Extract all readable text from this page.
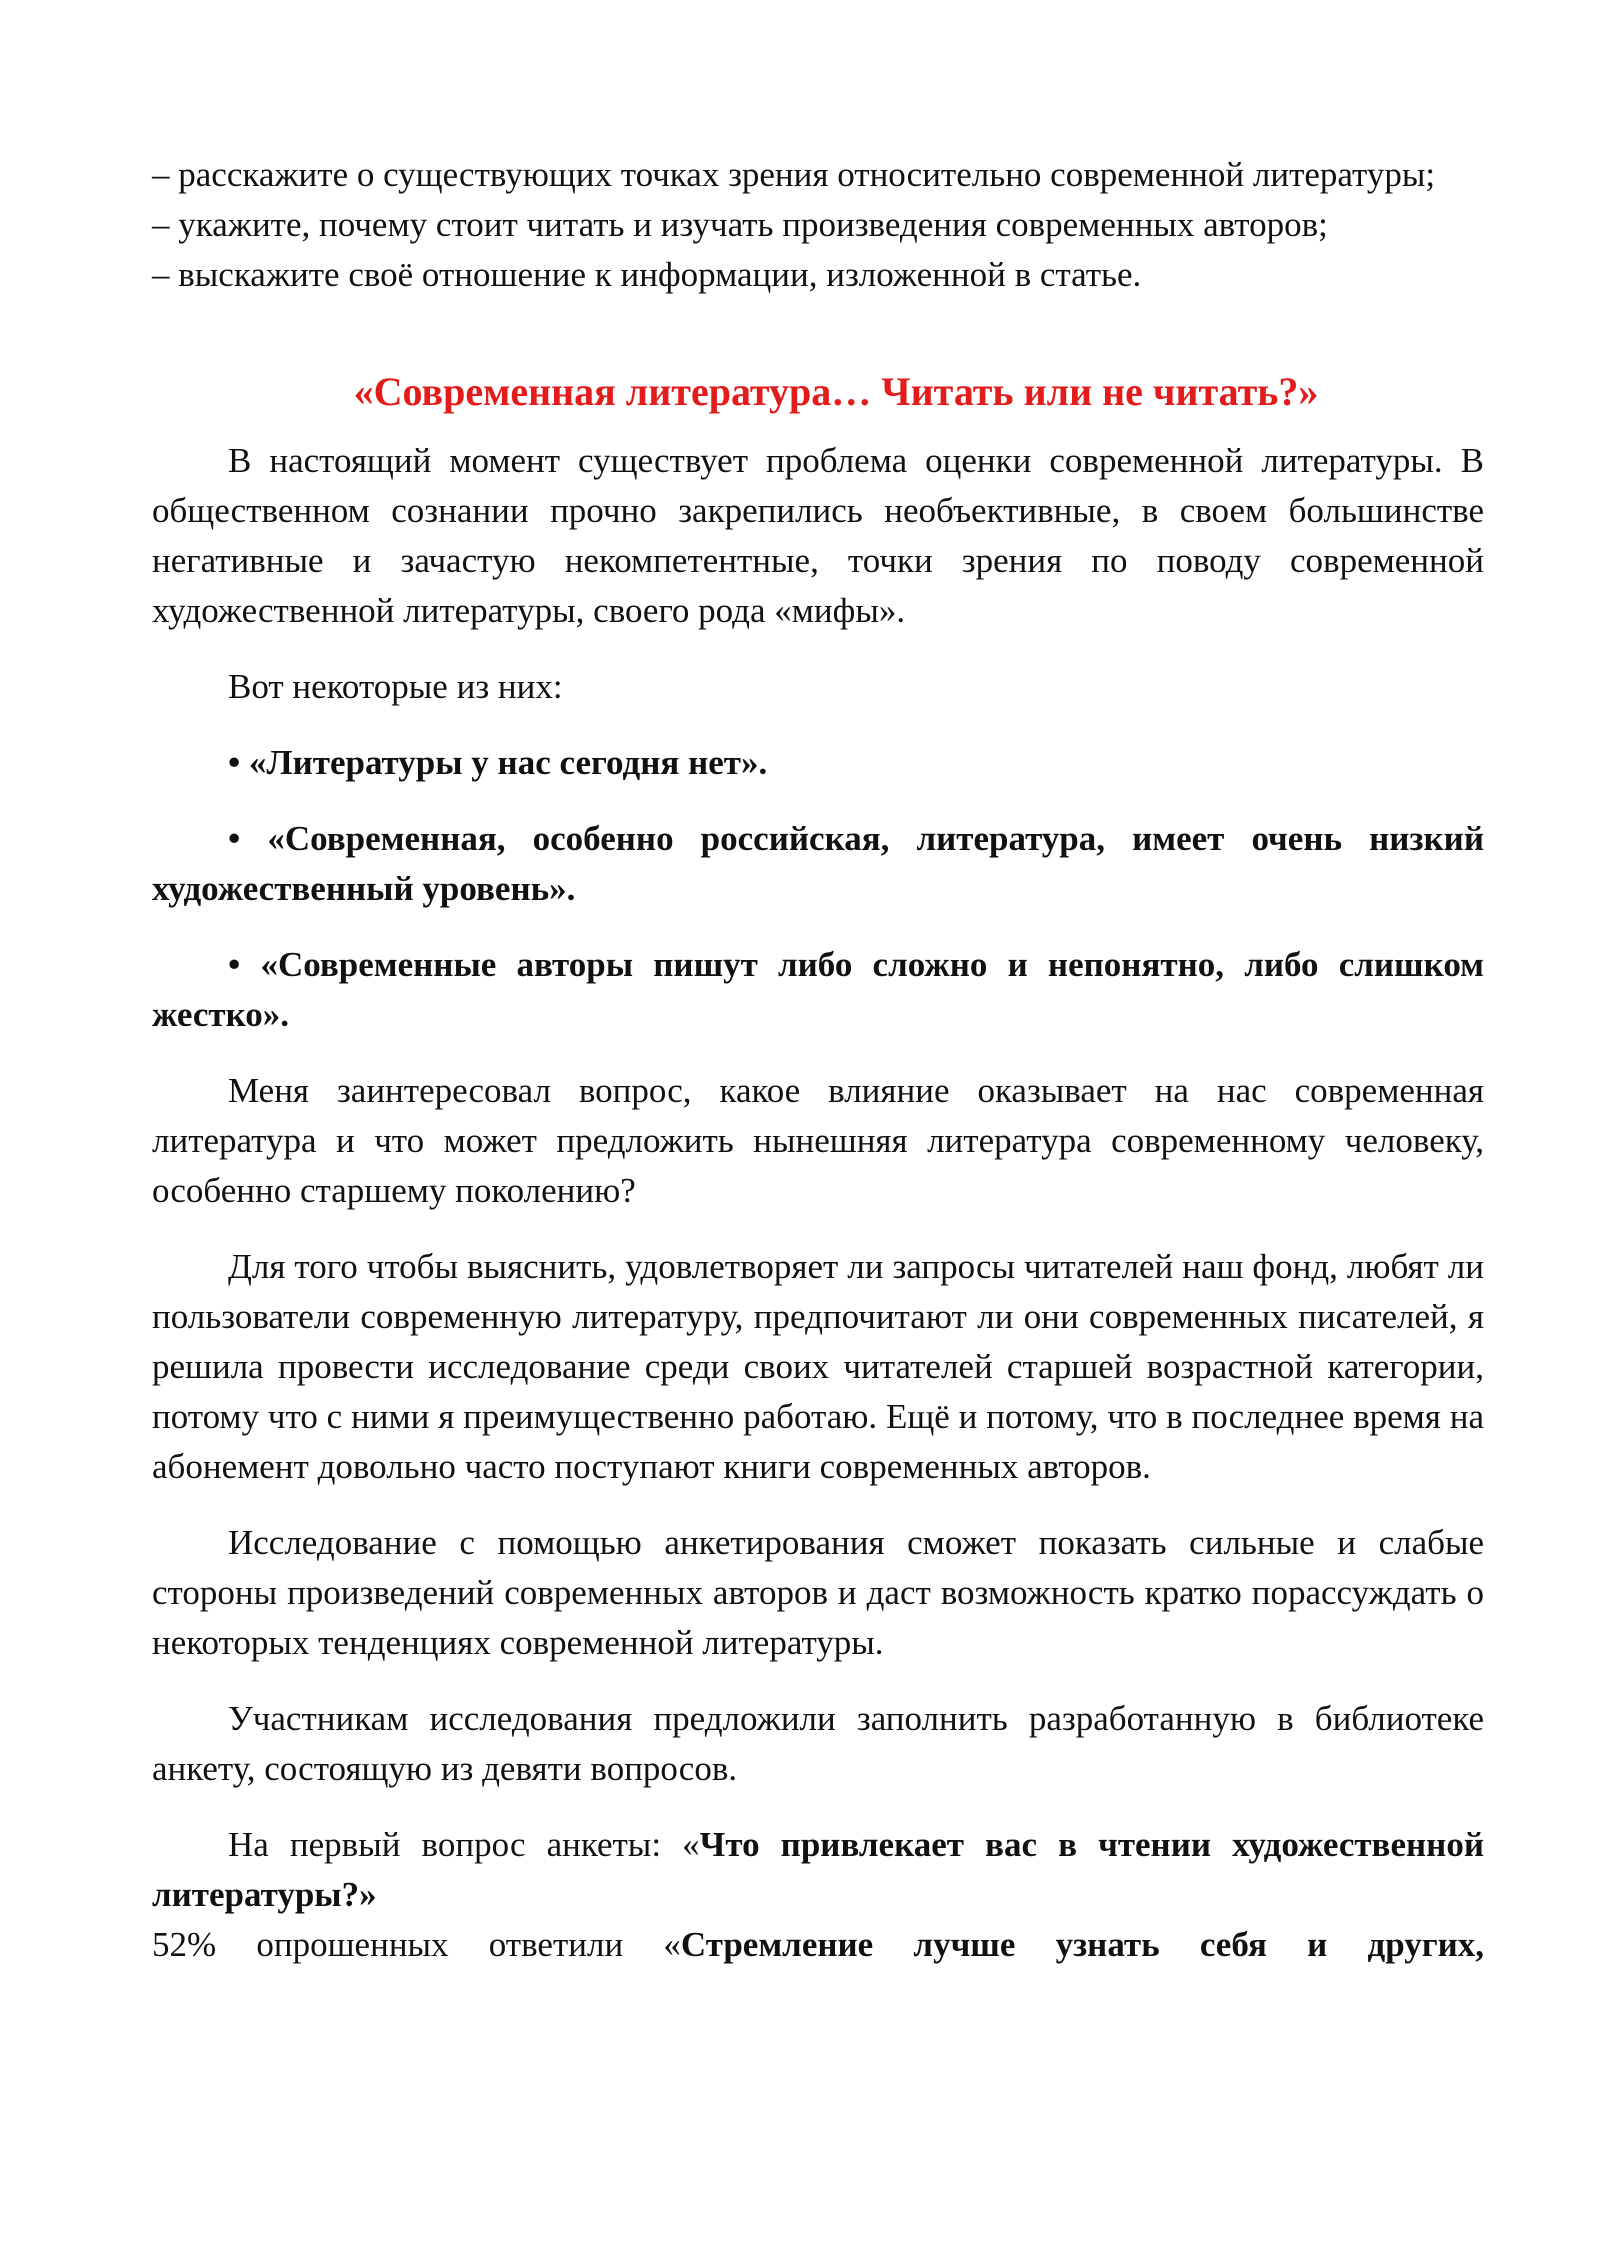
– расскажите о существующих точках зрения относительно современной литературы;

– укажите, почему стоит читать и изучать произведения современных авторов;

– выскажите своё отношение к информации, изложенной в статье.

«Современная литература… Читать или не читать?»

В настоящий момент существует проблема оценки современной литературы. В общественном сознании прочно закрепились необъективные, в своем большинстве негативные и зачастую некомпетентные, точки зрения по поводу современной художественной литературы, своего рода «мифы».

Вот некоторые из них:

• «Литературы у нас сегодня нет».

• «Современная, особенно российская, литература, имеет очень низкий художественный уровень».

• «Современные авторы пишут либо сложно и непонятно, либо слишком жестко».

Меня заинтересовал вопрос, какое влияние оказывает на нас современная литература и что может предложить нынешняя литература современному человеку, особенно старшему поколению?

Для того чтобы выяснить, удовлетворяет ли запросы читателей наш фонд, любят ли пользователи современную литературу, предпочитают ли они современных писателей, я решила провести исследование среди своих читателей старшей возрастной категории, потому что с ними я преимущественно работаю. Ещё и потому, что в последнее время на абонемент довольно часто поступают книги современных авторов.

Исследование с помощью анкетирования сможет показать сильные и слабые стороны произведений современных авторов и даст возможность кратко порассуждать о некоторых тенденциях современной литературы.

Участникам исследования предложили заполнить разработанную в библиотеке анкету, состоящую из девяти вопросов.

На первый вопрос анкеты: «Что привлекает вас в чтении художественной литературы?»

52% опрошенных ответили «Стремление лучше узнать себя и других,
